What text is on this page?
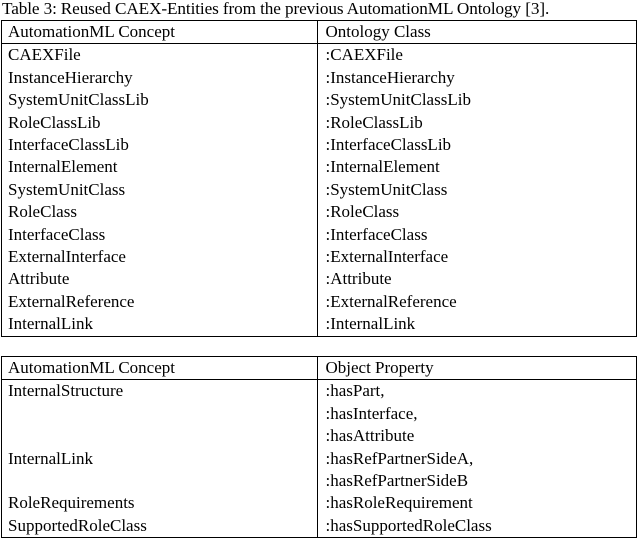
Table 3: Reused CAEX-Entities from the previous AutomationML Ontology [3].
AutomationML Concept	Ontology Class
CAEXFile	:CAEXFile
InstanceHierarchy	:InstanceHierarchy
SystemUnitClassLib	:SystemUnitClassLib
RoleClassLib	:RoleClassLib
InterfaceClassLib	:InterfaceClassLib
InternalElement	:InternalElement
SystemUnitClass	:SystemUnitClass
RoleClass	:RoleClass
InterfaceClass	:InterfaceClass
ExternalInterface	:ExternalInterface
Attribute	:Attribute
ExternalReference	:ExternalReference
InternalLink	:InternalLink
AutomationML Concept	Object Property
InternalStructure	:hasPart,
	:hasInterface,
	:hasAttribute
InternalLink	:hasRefPartnerSideA,
	:hasRefPartnerSideB
RoleRequirements	:hasRoleRequirement
SupportedRoleClass	:hasSupportedRoleClass
